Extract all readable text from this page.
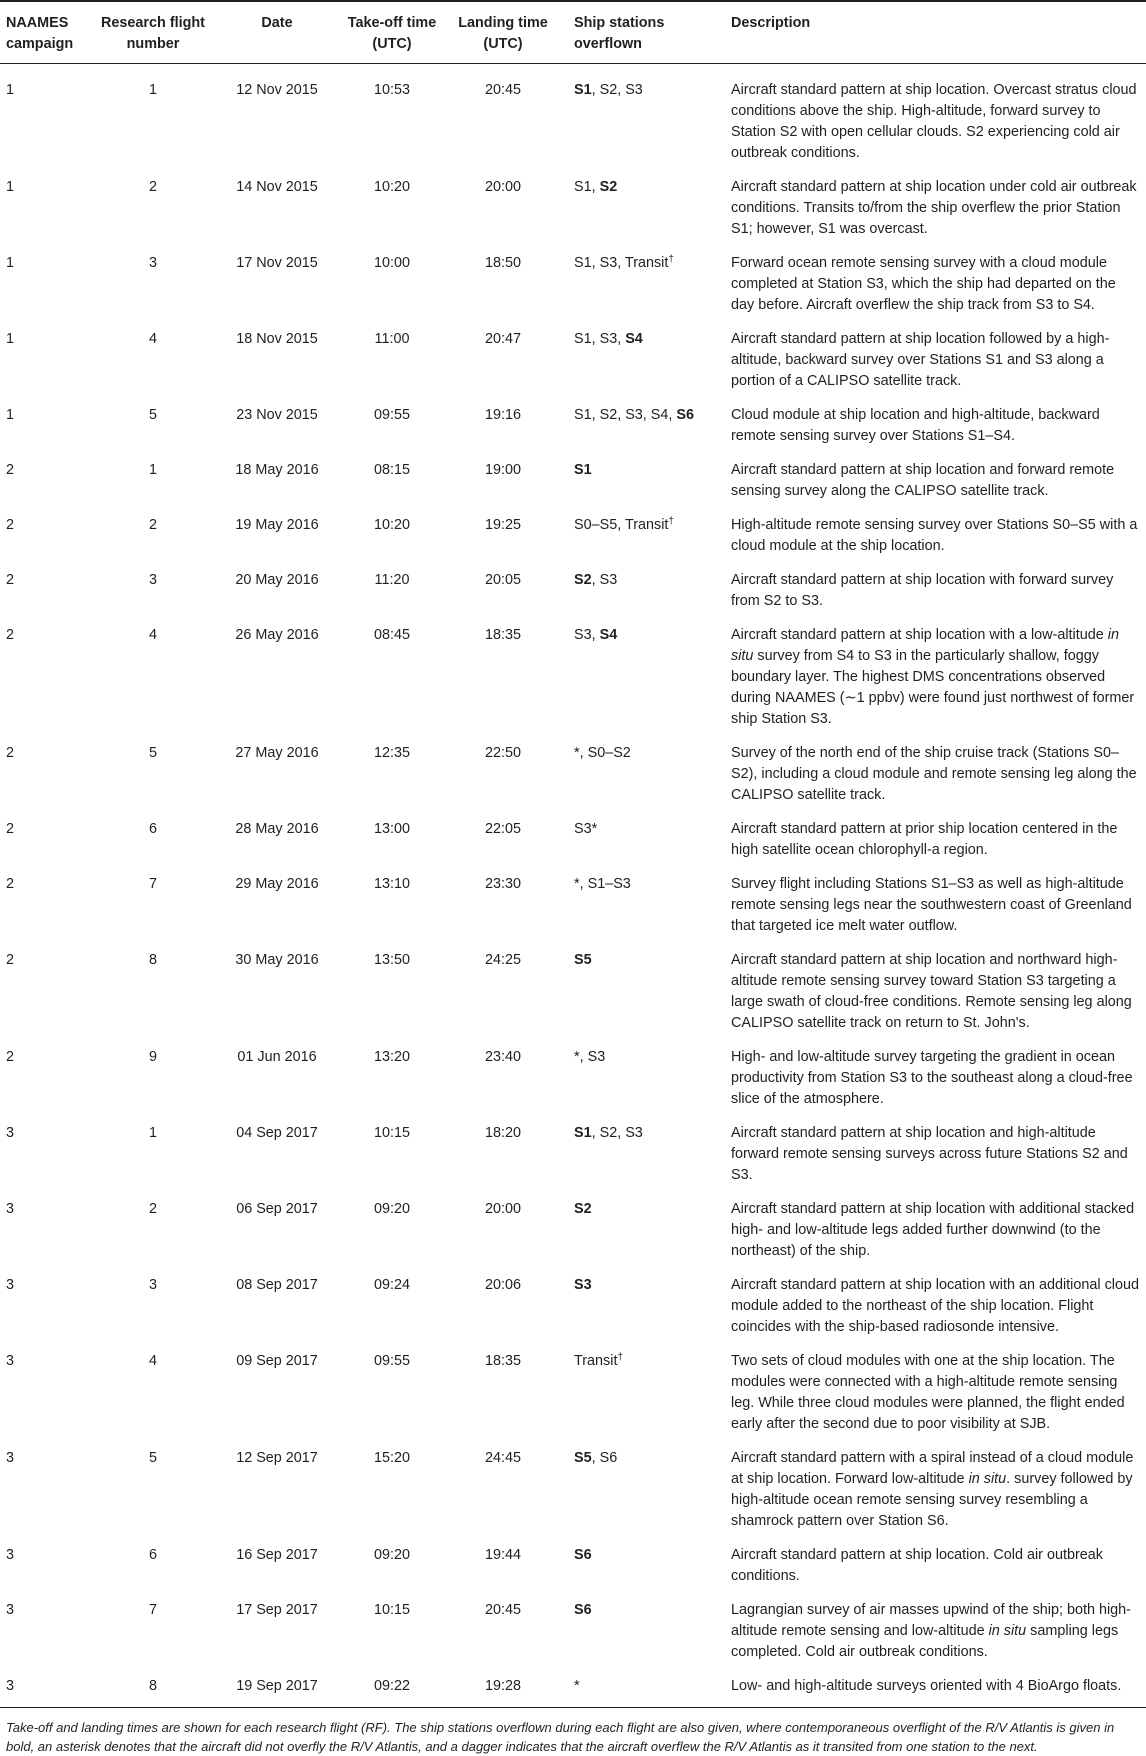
NAAMES campaign	Research flight number	Date	Take-off time (UTC)	Landing time (UTC)	Ship stations overflown	Description
1	1	12 Nov 2015	10:53	20:45	S1, S2, S3	Aircraft standard pattern at ship location. Overcast stratus cloud conditions above the ship. High-altitude, forward survey to Station S2 with open cellular clouds. S2 experiencing cold air outbreak conditions.
1	2	14 Nov 2015	10:20	20:00	S1, S2	Aircraft standard pattern at ship location under cold air outbreak conditions. Transits to/from the ship overflew the prior Station S1; however, S1 was overcast.
1	3	17 Nov 2015	10:00	18:50	S1, S3, Transit†	Forward ocean remote sensing survey with a cloud module completed at Station S3, which the ship had departed on the day before. Aircraft overflew the ship track from S3 to S4.
1	4	18 Nov 2015	11:00	20:47	S1, S3, S4	Aircraft standard pattern at ship location followed by a high-altitude, backward survey over Stations S1 and S3 along a portion of a CALIPSO satellite track.
1	5	23 Nov 2015	09:55	19:16	S1, S2, S3, S4, S6	Cloud module at ship location and high-altitude, backward remote sensing survey over Stations S1–S4.
2	1	18 May 2016	08:15	19:00	S1	Aircraft standard pattern at ship location and forward remote sensing survey along the CALIPSO satellite track.
2	2	19 May 2016	10:20	19:25	S0–S5, Transit†	High-altitude remote sensing survey over Stations S0–S5 with a cloud module at the ship location.
2	3	20 May 2016	11:20	20:05	S2, S3	Aircraft standard pattern at ship location with forward survey from S2 to S3.
2	4	26 May 2016	08:45	18:35	S3, S4	Aircraft standard pattern at ship location with a low-altitude in situ survey from S4 to S3 in the particularly shallow, foggy boundary layer. The highest DMS concentrations observed during NAAMES (∼1 ppbv) were found just northwest of former ship Station S3.
2	5	27 May 2016	12:35	22:50	*, S0–S2	Survey of the north end of the ship cruise track (Stations S0–S2), including a cloud module and remote sensing leg along the CALIPSO satellite track.
2	6	28 May 2016	13:00	22:05	S3*	Aircraft standard pattern at prior ship location centered in the high satellite ocean chlorophyll-a region.
2	7	29 May 2016	13:10	23:30	*, S1–S3	Survey flight including Stations S1–S3 as well as high-altitude remote sensing legs near the southwestern coast of Greenland that targeted ice melt water outflow.
2	8	30 May 2016	13:50	24:25	S5	Aircraft standard pattern at ship location and northward high-altitude remote sensing survey toward Station S3 targeting a large swath of cloud-free conditions. Remote sensing leg along CALIPSO satellite track on return to St. John's.
2	9	01 Jun 2016	13:20	23:40	*, S3	High- and low-altitude survey targeting the gradient in ocean productivity from Station S3 to the southeast along a cloud-free slice of the atmosphere.
3	1	04 Sep 2017	10:15	18:20	S1, S2, S3	Aircraft standard pattern at ship location and high-altitude forward remote sensing surveys across future Stations S2 and S3.
3	2	06 Sep 2017	09:20	20:00	S2	Aircraft standard pattern at ship location with additional stacked high- and low-altitude legs added further downwind (to the northeast) of the ship.
3	3	08 Sep 2017	09:24	20:06	S3	Aircraft standard pattern at ship location with an additional cloud module added to the northeast of the ship location. Flight coincides with the ship-based radiosonde intensive.
3	4	09 Sep 2017	09:55	18:35	Transit†	Two sets of cloud modules with one at the ship location. The modules were connected with a high-altitude remote sensing leg. While three cloud modules were planned, the flight ended early after the second due to poor visibility at SJB.
3	5	12 Sep 2017	15:20	24:45	S5, S6	Aircraft standard pattern with a spiral instead of a cloud module at ship location. Forward low-altitude in situ. survey followed by high-altitude ocean remote sensing survey resembling a shamrock pattern over Station S6.
3	6	16 Sep 2017	09:20	19:44	S6	Aircraft standard pattern at ship location. Cold air outbreak conditions.
3	7	17 Sep 2017	10:15	20:45	S6	Lagrangian survey of air masses upwind of the ship; both high-altitude remote sensing and low-altitude in situ sampling legs completed. Cold air outbreak conditions.
3	8	19 Sep 2017	09:22	19:28	*	Low- and high-altitude surveys oriented with 4 BioArgo floats.
Take-off and landing times are shown for each research flight (RF). The ship stations overflown during each flight are also given, where contemporaneous overflight of the R/V Atlantis is given in bold, an asterisk denotes that the aircraft did not overfly the R/V Atlantis, and a dagger indicates that the aircraft overflew the R/V Atlantis as it transited from one station to the next.
